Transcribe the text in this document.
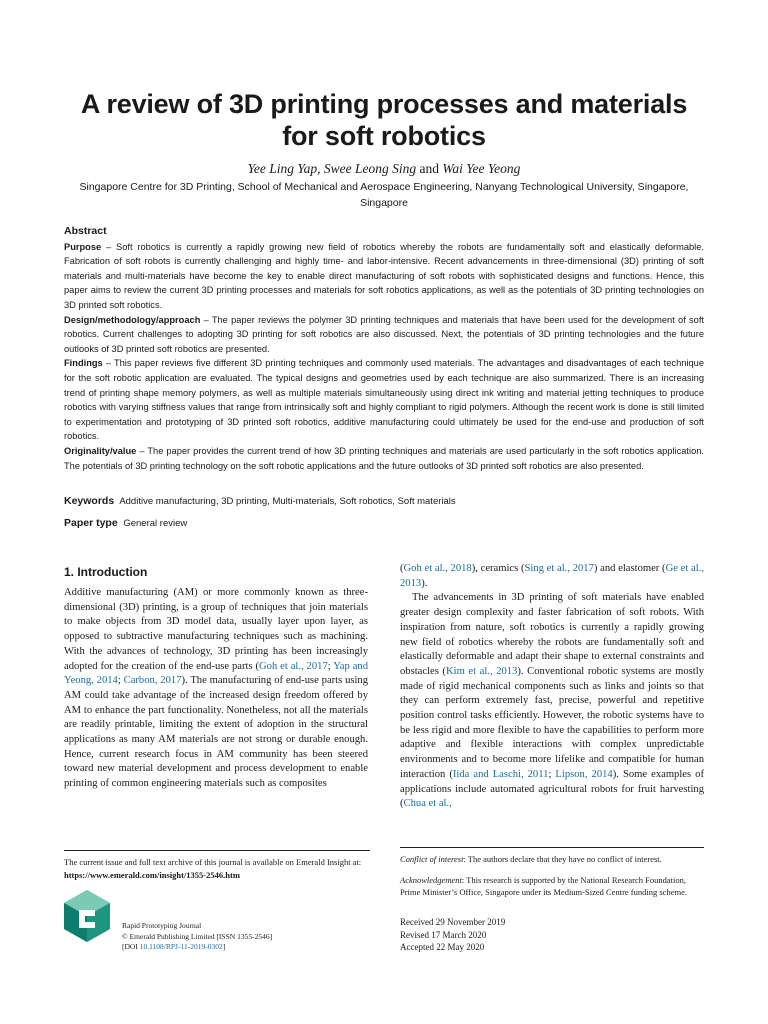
A review of 3D printing processes and materials
for soft robotics
Yee Ling Yap, Swee Leong Sing and Wai Yee Yeong
Singapore Centre for 3D Printing, School of Mechanical and Aerospace Engineering, Nanyang Technological University, Singapore, Singapore
Abstract

Purpose – Soft robotics is currently a rapidly growing new field of robotics whereby the robots are fundamentally soft and elastically deformable. Fabrication of soft robots is currently challenging and highly time- and labor-intensive. Recent advancements in three-dimensional (3D) printing of soft materials and multi-materials have become the key to enable direct manufacturing of soft robots with sophisticated designs and functions. Hence, this paper aims to review the current 3D printing processes and materials for soft robotics applications, as well as the potentials of 3D printing technologies on 3D printed soft robotics.

Design/methodology/approach – The paper reviews the polymer 3D printing techniques and materials that have been used for the development of soft robotics. Current challenges to adopting 3D printing for soft robotics are also discussed. Next, the potentials of 3D printing technologies and the future outlooks of 3D printed soft robotics are presented.

Findings – This paper reviews five different 3D printing techniques and commonly used materials. The advantages and disadvantages of each technique for the soft robotic application are evaluated. The typical designs and geometries used by each technique are also summarized. There is an increasing trend of printing shape memory polymers, as well as multiple materials simultaneously using direct ink writing and material jetting techniques to produce robotics with varying stiffness values that range from intrinsically soft and highly compliant to rigid polymers. Although the recent work is done is still limited to experimentation and prototyping of 3D printed soft robotics, additive manufacturing could ultimately be used for the end-use and production of soft robotics.

Originality/value – The paper provides the current trend of how 3D printing techniques and materials are used particularly in the soft robotics application. The potentials of 3D printing technology on the soft robotic applications and the future outlooks of 3D printed soft robotics are also presented.

Keywords Additive manufacturing, 3D printing, Multi-materials, Soft robotics, Soft materials
Paper type General review
1. Introduction

Additive manufacturing (AM) or more commonly known as three-dimensional (3D) printing, is a group of techniques that join materials to make objects from 3D model data, usually layer upon layer, as opposed to subtractive manufacturing techniques such as machining. With the advances of technology, 3D printing has been increasingly adopted for the creation of the end-use parts (Goh et al., 2017; Yap and Yeong, 2014; Carbon, 2017). The manufacturing of end-use parts using AM could take advantage of the increased design freedom offered by AM to enhance the part functionality. Nonetheless, not all the materials are readily printable, limiting the extent of adoption in the structural applications as many AM materials are not strong or durable enough. Hence, current research focus in AM community has been steered toward new material development and process development to enable printing of common engineering materials such as composites

(Goh et al., 2018), ceramics (Sing et al., 2017) and elastomer (Ge et al., 2013).

The advancements in 3D printing of soft materials have enabled greater design complexity and faster fabrication of soft robots. With inspiration from nature, soft robotics is currently a rapidly growing new field of robotics whereby the robots are fundamentally soft and elastically deformable and adapt their shape to external constraints and obstacles (Kim et al., 2013). Conventional robotic systems are mostly made of rigid mechanical components such as links and joints so that they can perform extremely fast, precise, powerful and repetitive position control tasks efficiently. However, the robotic systems have to be less rigid and more flexible to have the capabilities to perform more adaptive and flexible interactions with complex unpredictable environments and to become more lifelike and compatible for human interaction (Iida and Laschi, 2011; Lipson, 2014). Some examples of applications include automated agricultural robots for fruit harvesting (Chua et al.,

The current issue and full text archive of this journal is available on Emerald Insight at: https://www.emerald.com/insight/1355-2546.htm
Rapid Prototyping Journal
© Emerald Publishing Limited [ISSN 1355-2546]
[DOI 10.1108/RPJ-11-2019-0302]

Conflict of interest: The authors declare that they have no conflict of interest.

Acknowledgement: This research is supported by the National Research Foundation, Prime Minister’s Office, Singapore under its Medium-Sized Centre funding scheme.

Received 29 November 2019
Revised 17 March 2020
Accepted 22 May 2020
